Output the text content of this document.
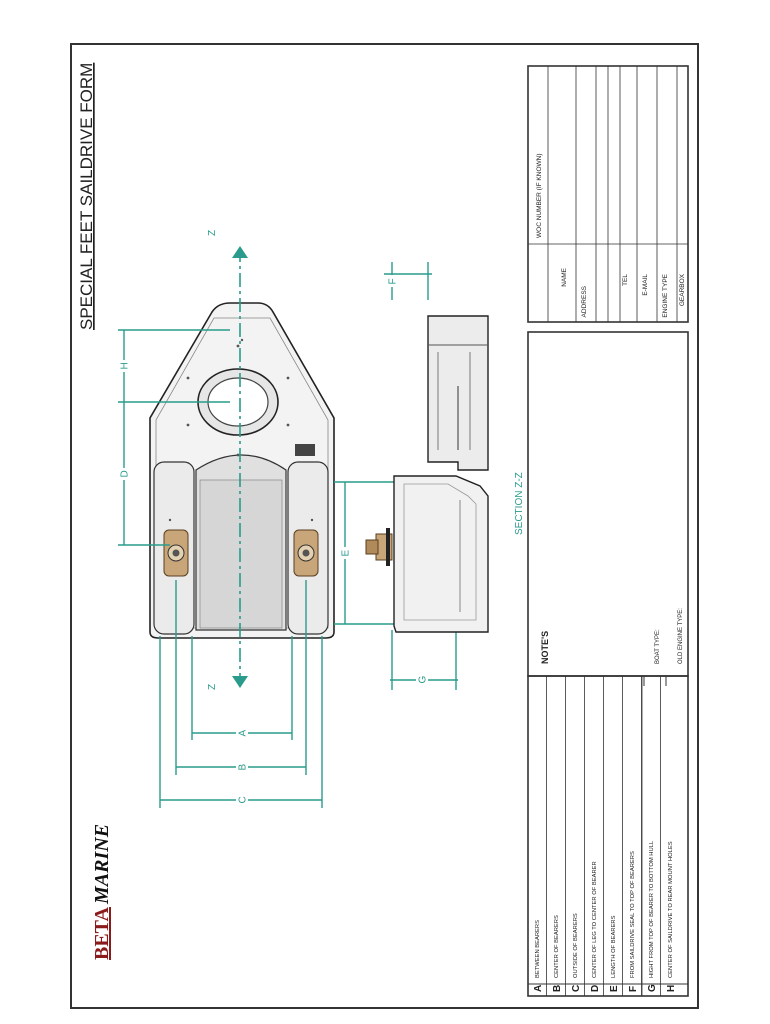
SPECIAL FEET SAILDRIVE FORM
BETA
MARINE
Z
Z
A
B
C
D
E
F
G
H
SECTION Z-Z
NOTE'S	BOAT TYPE:	OLD ENGINE TYPE:
A
BETWEEN BEARERS
B
CENTER OF BEARERS
C
OUTSIDE OF BEARERS
D
CENTER OF LEG TO CENTER OF BEARER
E
LENGTH OF BEARERS
F
FROM SAILDRIVE SEAL TO TOP OF BEARERS
G
HIGHT FROM TOP OF BEARER TO BOTTOM HULL
H
CENTER OF SAILDRIVE TO REAR MOUNT HOLES
WOC NUMBER (IF KNOWN)
NAME
ADDRESS
TEL E-MAIL ENGINE TYPE GEARBOX
